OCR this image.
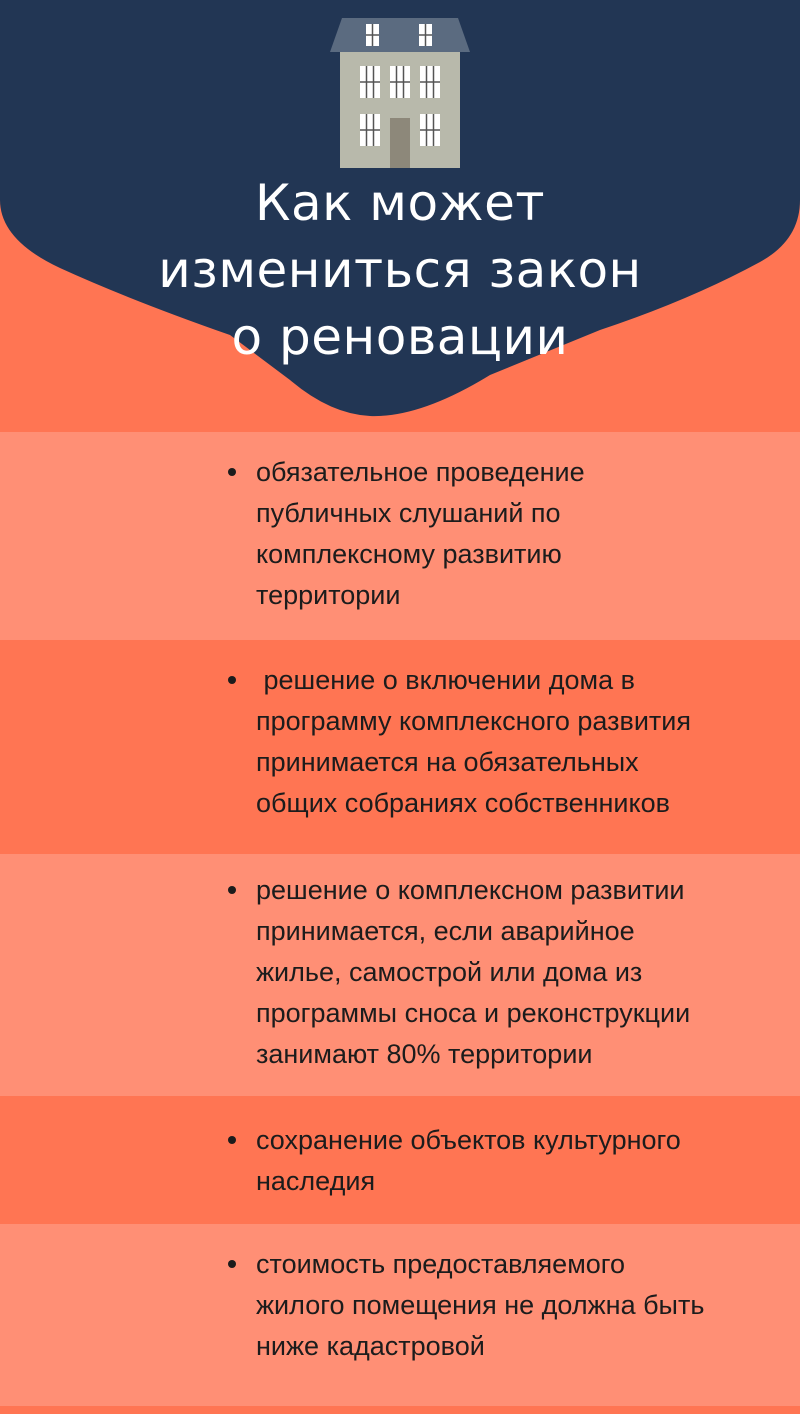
Как может
измениться закон
о реновации
обязательное проведение
публичных слушаний по
комплексному развитию
территории
решение о включении дома в
программу комплексного развития
принимается на обязательных
общих собраниях собственников
решение о комплексном развитии
принимается, если аварийное
жилье, самострой или дома из
программы сноса и реконструкции
занимают 80% территории
сохранение объектов культурного
наследия
стоимость предоставляемого
жилого помещения не должна быть
ниже кадастровой
